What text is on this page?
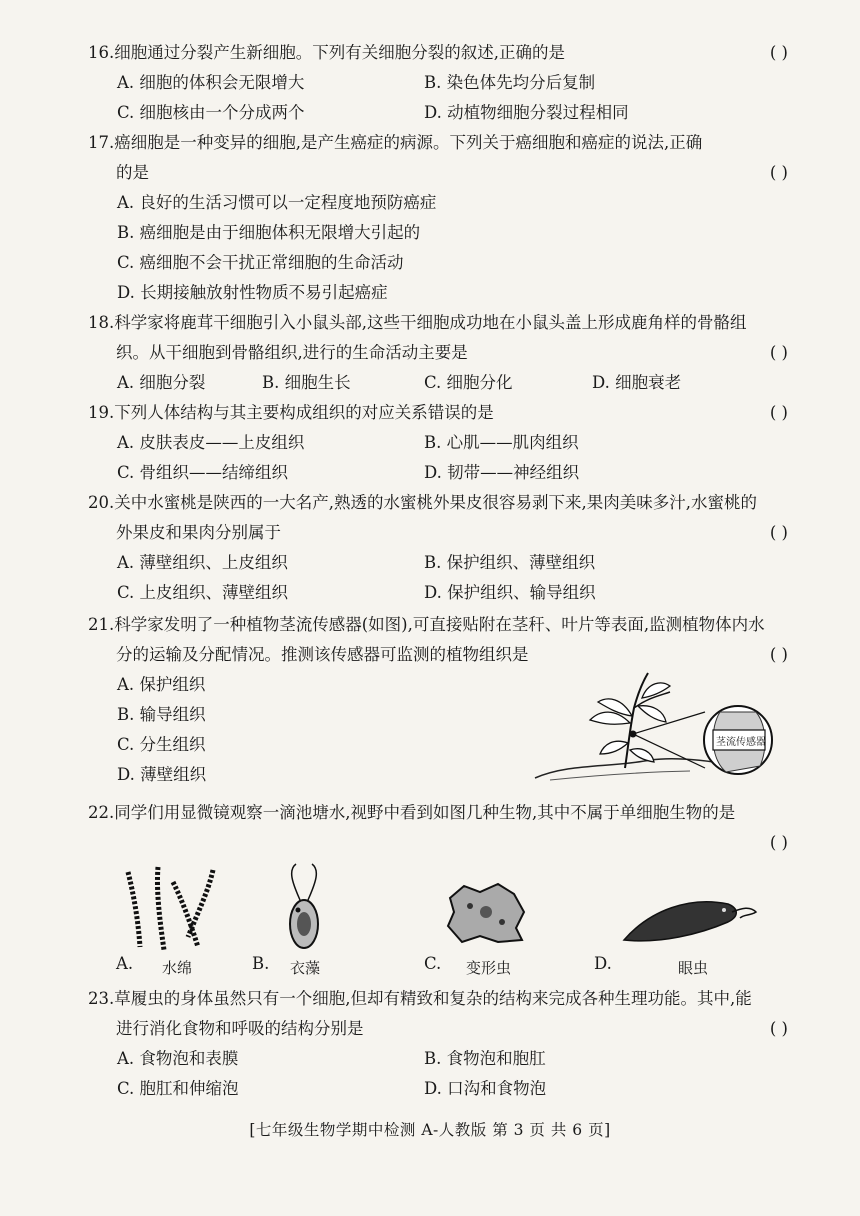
16.细胞通过分裂产生新细胞。下列有关细胞分裂的叙述,正确的是	( )
A. 细胞的体积会无限增大	B. 染色体先均分后复制
C. 细胞核由一个分成两个	D. 动植物细胞分裂过程相同

17.癌细胞是一种变异的细胞,是产生癌症的病源。下列关于癌细胞和癌症的说法,正确

的是	( )
A. 良好的生活习惯可以一定程度地预防癌症
B. 癌细胞是由于细胞体积无限增大引起的
C. 癌细胞不会干扰正常细胞的生命活动
D. 长期接触放射性物质不易引起癌症

18.科学家将鹿茸干细胞引入小鼠头部,这些干细胞成功地在小鼠头盖上形成鹿角样的骨骼组

织。从干细胞到骨骼组织,进行的生命活动主要是	( )
A. 细胞分裂	B. 细胞生长	C. 细胞分化	D. 细胞衰老

19.下列人体结构与其主要构成组织的对应关系错误的是	( )
A. 皮肤表皮——上皮组织	B. 心肌——肌肉组织
C. 骨组织——结缔组织	D. 韧带——神经组织

20.关中水蜜桃是陕西的一大名产,熟透的水蜜桃外果皮很容易剥下来,果肉美味多汁,水蜜桃的

外果皮和果肉分别属于	( )
A. 薄壁组织、上皮组织	B. 保护组织、薄壁组织
C. 上皮组织、薄壁组织	D. 保护组织、输导组织

21.科学家发明了一种植物茎流传感器(如图),可直接贴附在茎秆、叶片等表面,监测植物体内水

分的运输及分配情况。推测该传感器可监测的植物组织是	( )
A. 保护组织
B. 输导组织
C. 分生组织
D. 薄壁组织
茎流传感器

22.同学们用显微镜观察一滴池塘水,视野中看到如图几种生物,其中不属于单细胞生物的是

( )
A. 水绵	B. 衣藻	C. 变形虫	D.	眼虫

23.草履虫的身体虽然只有一个细胞,但却有精致和复杂的结构来完成各种生理功能。其中,能

进行消化食物和呼吸的结构分别是	( )
A. 食物泡和表膜	B. 食物泡和胞肛
C. 胞肛和伸缩泡	D. 口沟和食物泡
[七年级生物学期中检测 A-人教版 第 3 页 共 6 页]
